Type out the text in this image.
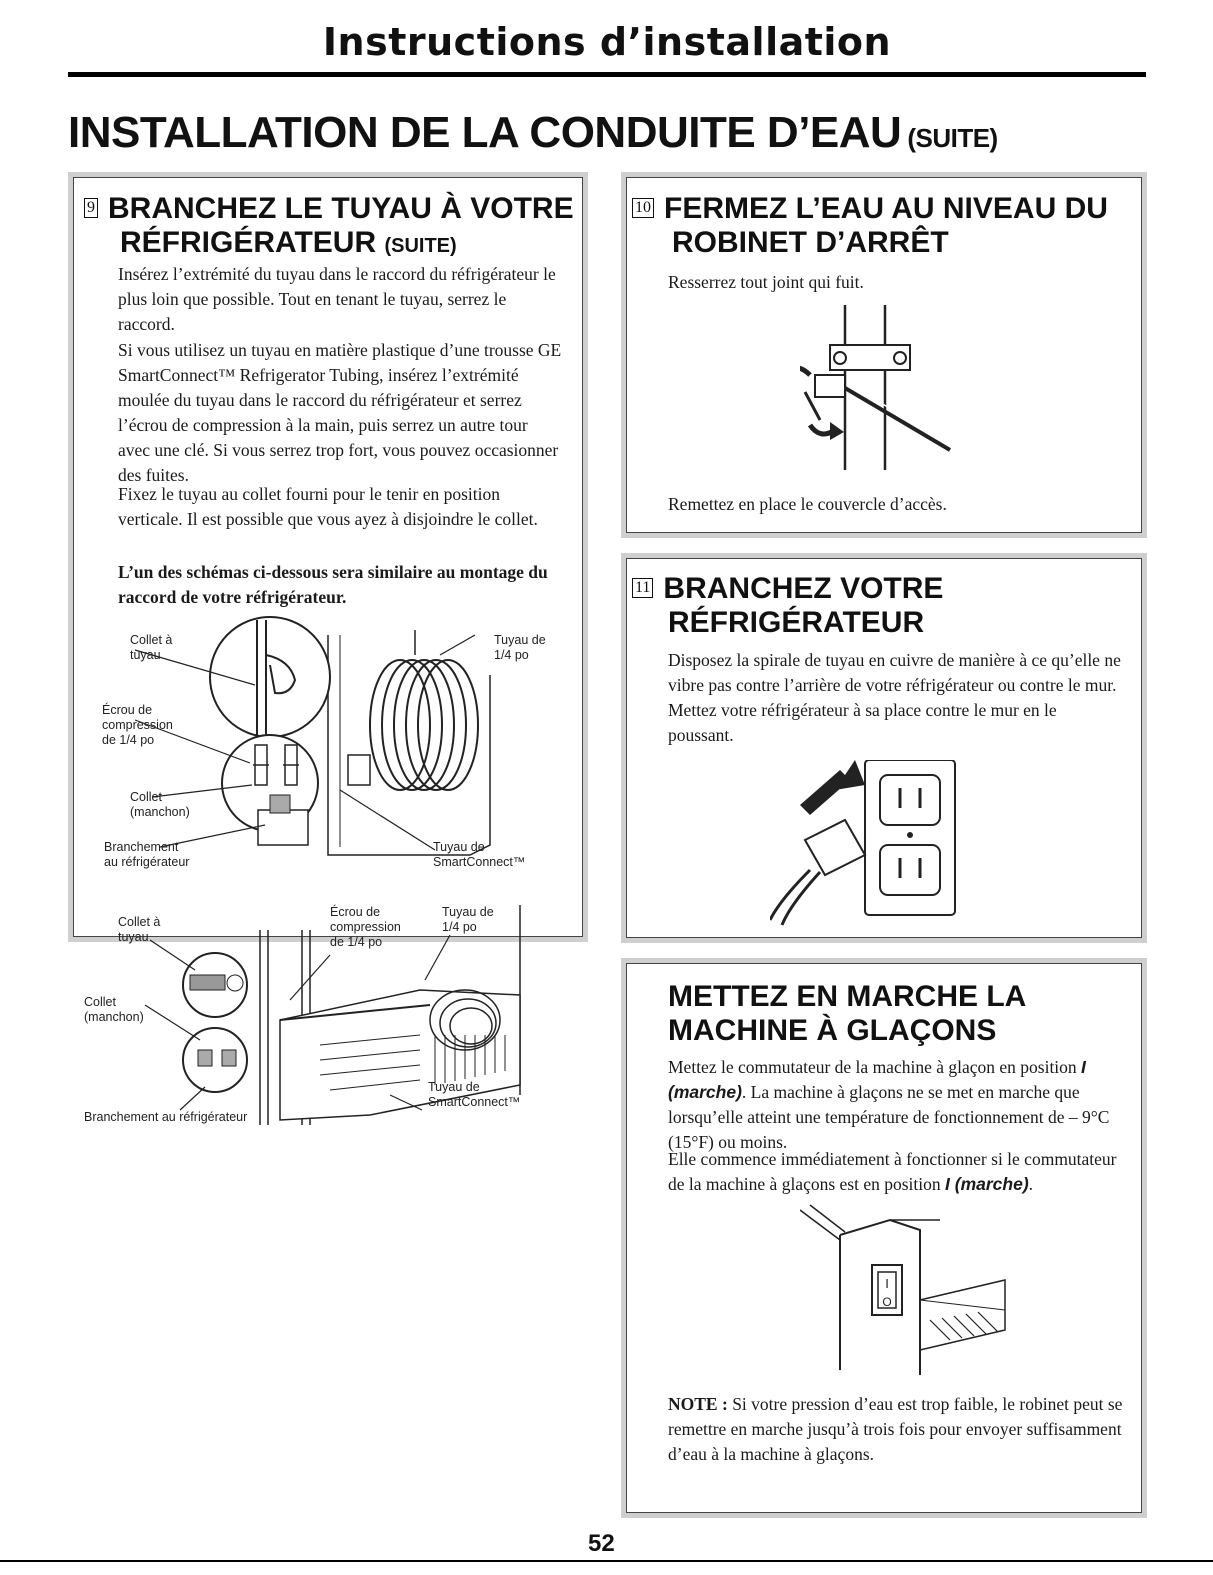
Instructions d’installation
INSTALLATION DE LA CONDUITE D’EAU (SUITE)
9 BRANCHEZ LE TUYAU À VOTRE
RÉFRIGÉRATEUR (SUITE)
Insérez l’extrémité du tuyau dans le raccord du réfrigérateur le plus loin que possible. Tout en tenant le tuyau, serrez le raccord.
Si vous utilisez un tuyau en matière plastique d’une trousse GE SmartConnect™ Refrigerator Tubing, insérez l’extrémité moulée du tuyau dans le raccord du réfrigérateur et serrez l’écrou de compression à la main, puis serrez un autre tour avec une clé. Si vous serrez trop fort, vous pouvez occasionner des fuites.
Fixez le tuyau au collet fourni pour le tenir en position verticale. Il est possible que vous ayez à disjoindre le collet.
L’un des schémas ci-dessous sera similaire au montage du raccord de votre réfrigérateur.
Collet à
tuyau
Écrou de
compression
de 1/4 po
Collet
(manchon)
Branchement
au réfrigérateur
Tuyau de
1/4 po
Tuyau de
SmartConnect™
Collet à
tuyau
Collet
(manchon)
Branchement au réfrigérateur
Écrou de
compression
de 1/4 po
Tuyau de
1/4 po
Tuyau de
SmartConnect™
10 FERMEZ L’EAU AU NIVEAU DU
ROBINET D’ARRÊT
Resserrez tout joint qui fuit.
Remettez en place le couvercle d’accès.
11 BRANCHEZ VOTRE
RÉFRIGÉRATEUR
Disposez la spirale de tuyau en cuivre de manière à ce qu’elle ne vibre pas contre l’arrière de votre réfrigérateur ou contre le mur. Mettez votre réfrigérateur à sa place contre le mur en le poussant.
METTEZ EN MARCHE LA
MACHINE À GLAÇONS
Mettez le commutateur de la machine à glaçon en position I (marche). La machine à glaçons ne se met en marche que lorsqu’elle atteint une température de fonctionnement de – 9°C (15°F) ou moins.
Elle commence immédiatement à fonctionner si le commutateur de la machine à glaçons est en position I (marche).
I
O
NOTE : Si votre pression d’eau est trop faible, le robinet peut se remettre en marche jusqu’à trois fois pour envoyer suffisamment d’eau à la machine à glaçons.
52
